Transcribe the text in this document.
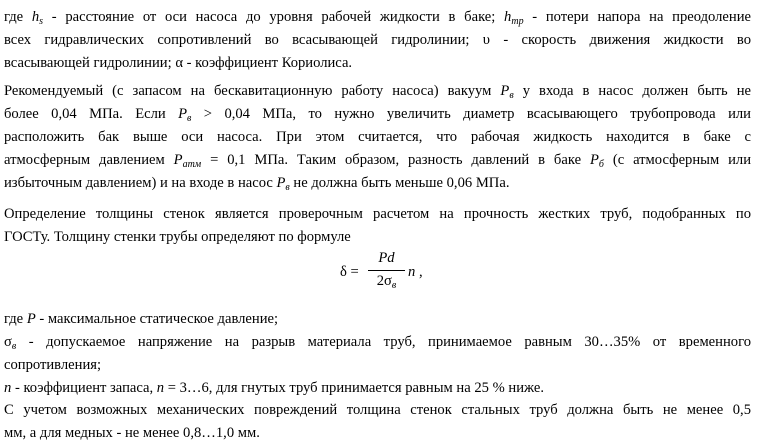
где $h_s$ - расстояние от оси насоса до уровня рабочей жидкости в баке; $h_{тр}$ - потери напора на преодоление
всех гидравлических сопротивлений во всасывающей гидролинии; υ - скорость движения жидкости во
всасывающей гидролинии; α - коэффициент Кориолиса.

Рекомендуемый (с запасом на бескавитационную работу насоса) вакуум $P_в$ у входа в насос должен быть не
более 0,04 МПа. Если $P_в > 0,04$ МПа, то нужно увеличить диаметр всасывающего трубопровода или
расположить бак выше оси насоса. При этом считается, что рабочая жидкость находится в баке с
атмосферным давлением $P_{атм} = 0,1$ МПа. Таким образом, разность давлений в баке $P_б$ (с атмосферным или
избыточным давлением) и на входе в насос $P_в$ не должна быть меньше 0,06 МПа.

Определение толщины стенок является проверочным расчетом на прочность жестких труб, подобранных по
ГОСТу. Толщину стенки трубы определяют по формуле

δ =
Pd
$2\sigma_в$
n ,

где P - максимальное статическое давление;
$\sigma_в$ - допускаемое напряжение на разрыв материала труб, принимаемое равным 30…35% от временного
сопротивления;
n - коэффициент запаса, n = 3…6, для гнутых труб принимается равным на 25 % ниже.

С учетом возможных механических повреждений толщина стенок стальных труб должна быть не менее 0,5
мм, а для медных - не менее 0,8…1,0 мм.
